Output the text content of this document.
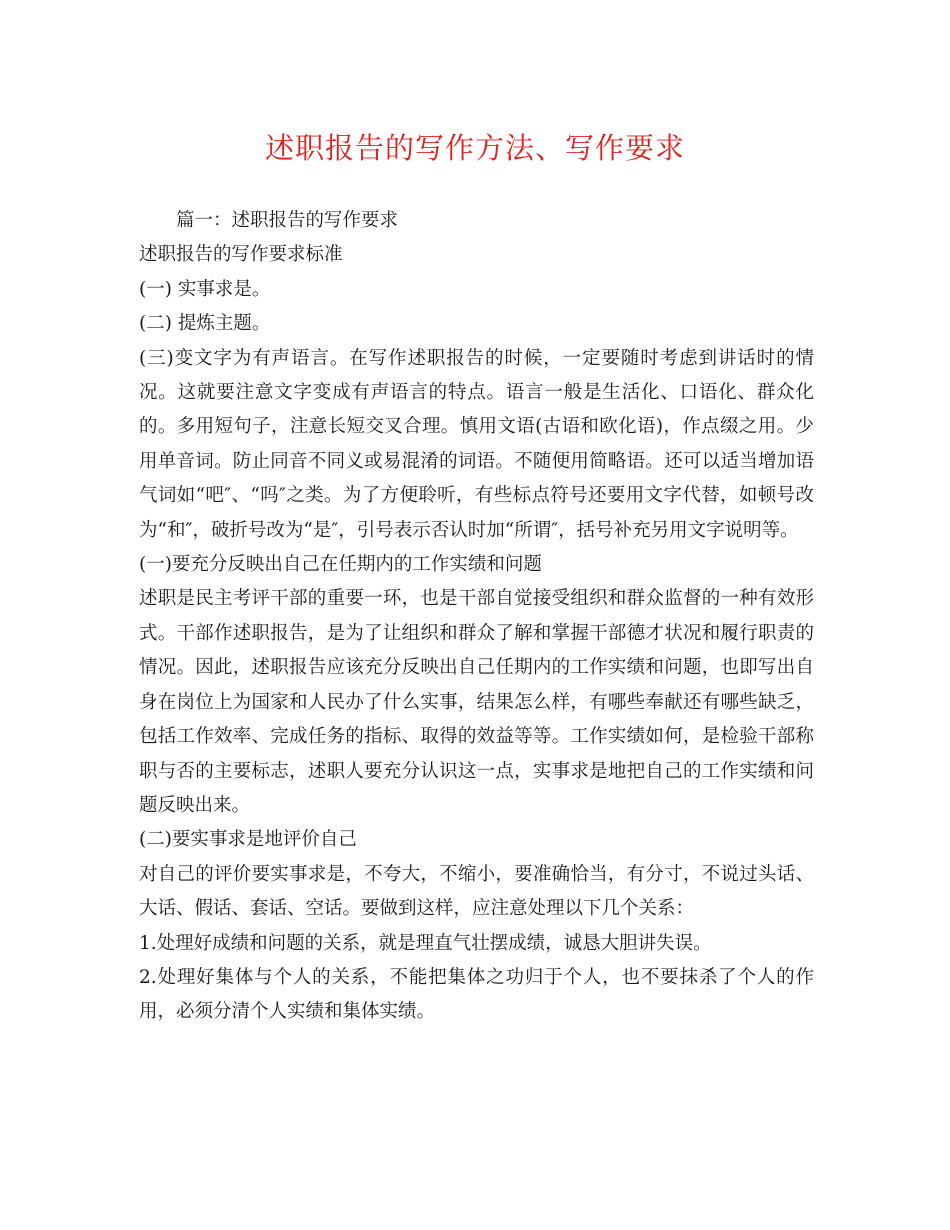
述职报告的写作方法、写作要求

篇一：述职报告的写作要求

述职报告的写作要求标准

(一) 实事求是。

(二) 提炼主题。

(三)变文字为有声语言。在写作述职报告的时候，一定要随时考虑到讲话时的情况。这就要注意文字变成有声语言的特点。语言一般是生活化、口语化、群众化的。多用短句子，注意长短交叉合理。慎用文语(古语和欧化语)，作点缀之用。少用单音词。防止同音不同义或易混淆的词语。不随便用简略语。还可以适当增加语气词如“吧″、“吗″之类。为了方便聆听，有些标点符号还要用文字代替，如顿号改为“和″，破折号改为“是″，引号表示否认时加“所谓″，括号补充另用文字说明等。

(一)要充分反映出自己在任期内的工作实绩和问题

述职是民主考评干部的重要一环，也是干部自觉接受组织和群众监督的一种有效形式。干部作述职报告，是为了让组织和群众了解和掌握干部德才状况和履行职责的情况。因此，述职报告应该充分反映出自己任期内的工作实绩和问题，也即写出自身在岗位上为国家和人民办了什么实事，结果怎么样，有哪些奉献还有哪些缺乏，包括工作效率、完成任务的指标、取得的效益等等。工作实绩如何，是检验干部称职与否的主要标志，述职人要充分认识这一点，实事求是地把自己的工作实绩和问题反映出来。

(二)要实事求是地评价自己

对自己的评价要实事求是，不夸大，不缩小，要准确恰当，有分寸，不说过头话、大话、假话、套话、空话。要做到这样，应注意处理以下几个关系：

1.处理好成绩和问题的关系，就是理直气壮摆成绩，诚恳大胆讲失误。

2.处理好集体与个人的关系，不能把集体之功归于个人，也不要抹杀了个人的作用，必须分清个人实绩和集体实绩。
